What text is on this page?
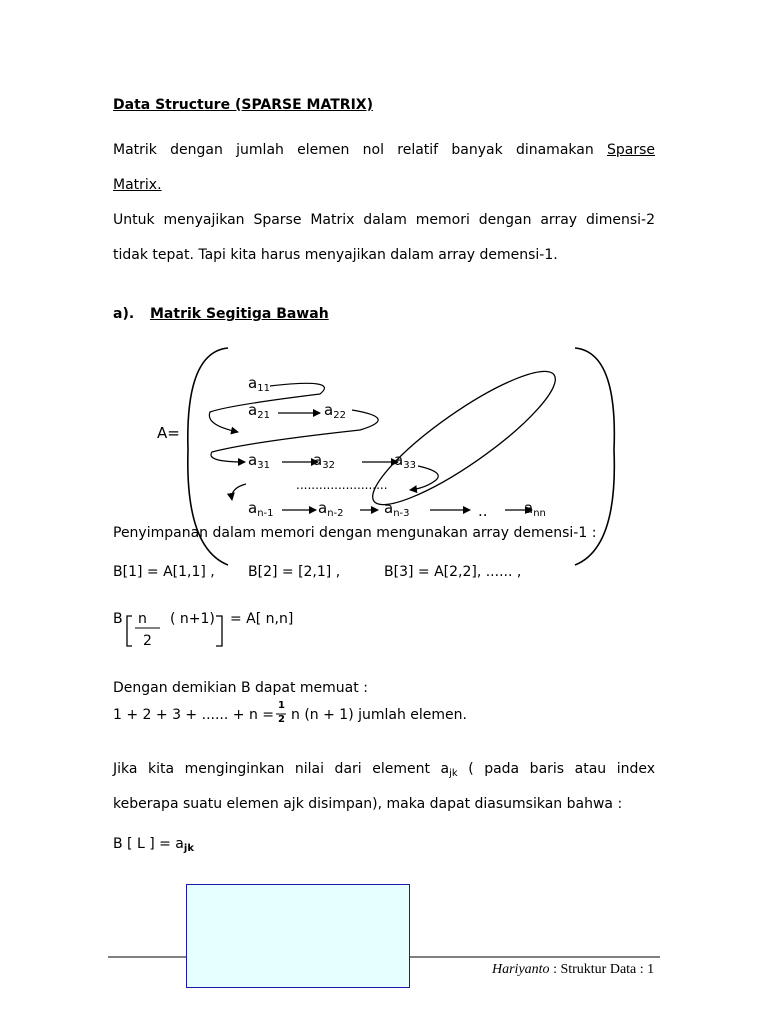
Data Structure (SPARSE MATRIX)
Matrik dengan jumlah elemen nol relatif banyak dinamakan Sparse
Matrix.
Untuk menyajikan Sparse Matrix dalam memori dengan array dimensi-2
tidak tepat. Tapi kita harus menyajikan dalam array demensi-1.
a). Matrik Segitiga Bawah
A=
$a_{11}$
$a_{21}$	$a_{22}$
$a_{31}$	$a_{32}$	$a_{33}$
........................
$a_{n-1}$	$a_{n-2}$	$a_{n-3}$	.. $a_{nn}$
Penyimpanan dalam memori dengan mengunakan array demensi-1 :
B[1] = A[1,1] , B[2] = [2,1] ,	B[3] = A[2,2], ...... ,
B n ( n+1)
2
= A[ n,n]
Dengan demikian B dapat memuat :
1 + 2 + 3 + ...... + n =
1
2 n (n + 1) jumlah elemen.
Jika kita menginginkan nilai dari element $a_{jk}$ ( pada baris atau index
keberapa suatu elemen ajk disimpan), maka dapat diasumsikan bahwa :
B [ L ] = $a_{jk}$
Hariyanto : Struktur Data : 1
